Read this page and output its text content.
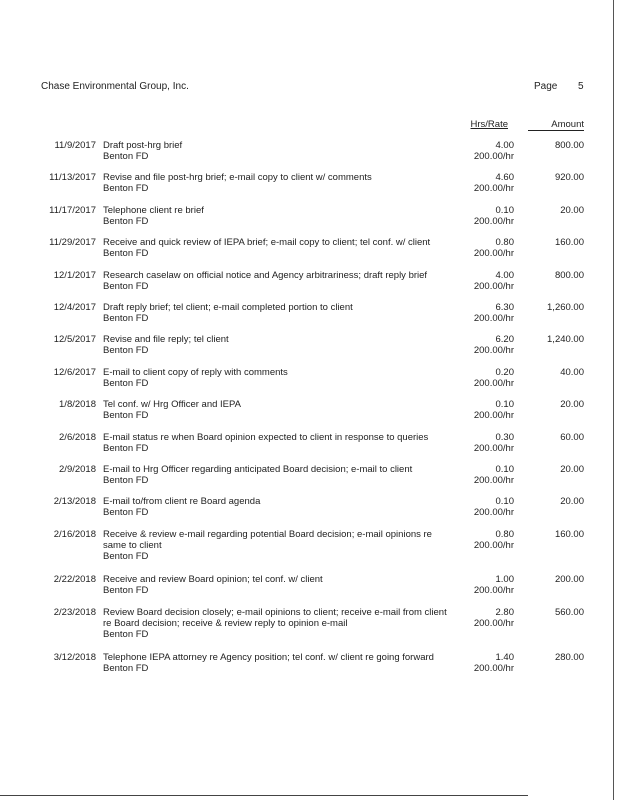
Chase Environmental Group, Inc.	Page 5
Hrs/Rate	Amount
11/9/2017 Draft post-hrg brief
Benton FD
4.00
200.00/hr
800.00
11/13/2017 Revise and file post-hrg brief; e-mail copy to client w/ comments
Benton FD
4.60
200.00/hr
920.00
11/17/2017 Telephone client re brief
Benton FD
0.10
200.00/hr
20.00
11/29/2017 Receive and quick review of IEPA brief; e-mail copy to client; tel conf. w/ client
Benton FD
0.80
200.00/hr
160.00
12/1/2017 Research caselaw on official notice and Agency arbitrariness; draft reply brief
Benton FD
4.00
200.00/hr
800.00
12/4/2017 Draft reply brief; tel client; e-mail completed portion to client
Benton FD
6.30
200.00/hr
1,260.00
12/5/2017 Revise and file reply; tel client
Benton FD
6.20
200.00/hr
1,240.00
12/6/2017 E-mail to client copy of reply with comments
Benton FD
0.20
200.00/hr
40.00
1/8/2018 Tel conf. w/ Hrg Officer and IEPA
Benton FD
0.10
200.00/hr
20.00
2/6/2018 E-mail status re when Board opinion expected to client in response to queries
Benton FD
0.30
200.00/hr
60.00
2/9/2018 E-mail to Hrg Officer regarding anticipated Board decision; e-mail to client
Benton FD
0.10
200.00/hr
20.00
2/13/2018 E-mail to/from client re Board agenda
Benton FD
0.10
200.00/hr
20.00
2/16/2018 Receive & review e-mail regarding potential Board decision; e-mail opinions re same to client
Benton FD
0.80
200.00/hr
160.00
2/22/2018 Receive and review Board opinion; tel conf. w/ client
Benton FD
1.00
200.00/hr
200.00
2/23/2018 Review Board decision closely; e-mail opinions to client; receive e-mail from client re Board decision; receive & review reply to opinion e-mail
Benton FD
2.80
200.00/hr
560.00
3/12/2018 Telephone IEPA attorney re Agency position; tel conf. w/ client re going forward
Benton FD
1.40
200.00/hr
280.00
